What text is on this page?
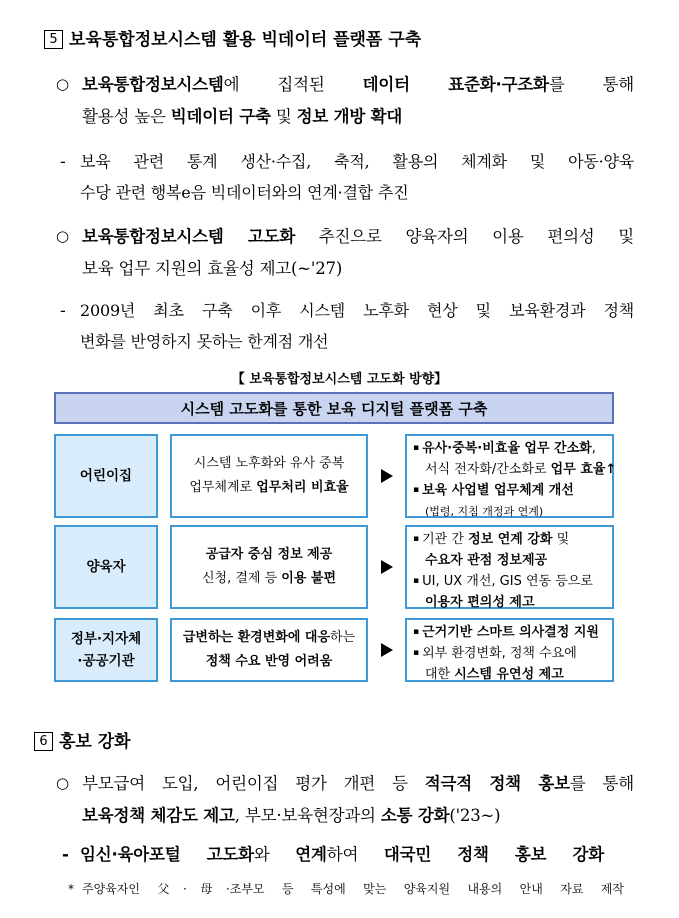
5 보육통합정보시스템 활용 빅데이터 플랫폼 구축
○ 보육통합정보시스템에 집적된 데이터 표준화·구조화를 통해
활용성 높은 빅데이터 구축 및 정보 개방 확대
- 보육 관련 통계 생산·수집, 축적, 활용의 체계화 및 아동·양육
수당 관련 행복e음 빅데이터와의 연계·결합 추진
○ 보육통합정보시스템 고도화 추진으로 양육자의 이용 편의성 및
보육 업무 지원의 효율성 제고(~'27)
- 2009년 최초 구축 이후 시스템 노후화 현상 및 보육환경과 정책
변화를 반영하지 못하는 한계점 개선
【 보육통합정보시스템 고도화 방향】
시스템 고도화를 통한 보육 디지털 플랫폼 구축
어린이집
시스템 노후화와 유사 중복
업무체계로 업무처리 비효율
▪ 유사·중복·비효율 업무 간소화,
서식 전자화/간소화로 업무 효율↑
▪ 보육 사업별 업무체계 개선
(법령, 지침 개정과 연계)
양육자
공급자 중심 정보 제공
신청, 결제 등 이용 불편
▪ 기관 간 정보 연계 강화 및
수요자 관점 정보제공
▪ UI, UX 개선, GIS 연동 등으로
이용자 편의성 제고
정부·지자체
·공공기관
급변하는 환경변화에 대응하는
정책 수요 반영 어려움
▪ 근거기반 스마트 의사결정 지원
▪ 외부 환경변화, 정책 수요에
대한 시스템 유연성 제고
6 홍보 강화
○ 부모급여 도입, 어린이집 평가 개편 등 적극적 정책 홍보를 통해
보육정책 체감도 제고, 부모·보육현장과의 소통 강화('23~)
- 임신·육아포털 고도화와 연계하여 대국민 정책 홍보 강화
* 주양육자인 父·母·조부모 등 특성에 맞는 양육지원 내용의 안내 자료 제작
